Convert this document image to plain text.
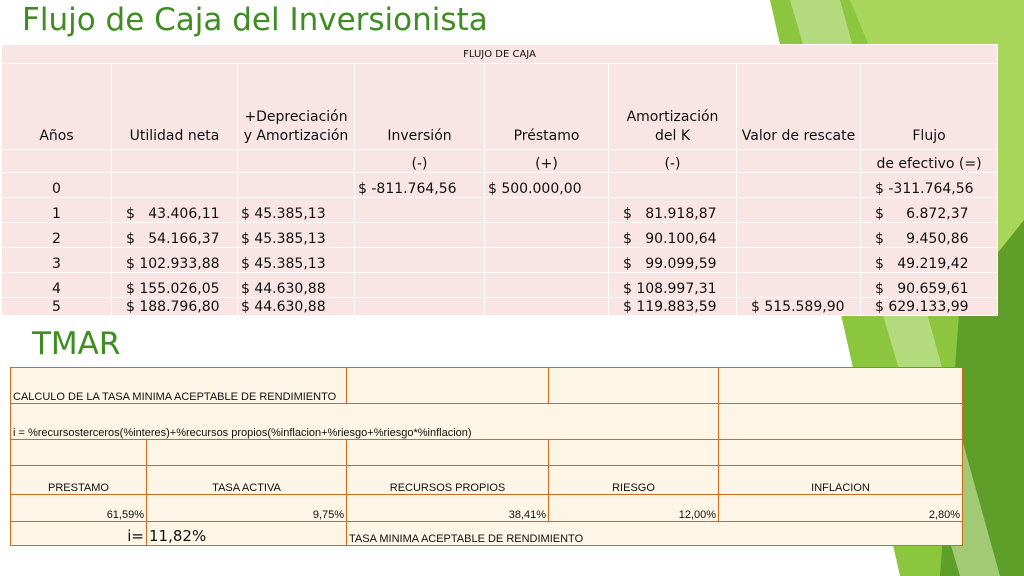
Flujo de Caja del Inversionista
FLUJO DE CAJA							
Años	Utilidad neta	+Depreciación y Amortización	Inversión	Préstamo	Amortización del K	Valor de rescate	Flujo
			(-)	(+)	(-)		de efectivo (=)
0			$ -811.764,56	$ 500.000,00			$ -311.764,56
1	$   43.406,11	$ 45.385,13			$   81.918,87		$     6.872,37
2	$   54.166,37	$ 45.385,13			$   90.100,64		$     9.450,86
3	$ 102.933,88	$ 45.385,13			$   99.099,59		$   49.219,42
4	$ 155.026,05	$ 44.630,88			$ 108.997,31		$   90.659,61
5	$ 188.796,80	$ 44.630,88			$ 119.883,59	$ 515.589,90	$ 629.133,99
TMAR
CALCULO DE LA TASA MINIMA ACEPTABLE DE RENDIMIENTO				
i = %recursosterceros(%interes)+%recursos propios(%inflacion+%riesgo+%riesgo*%inflacion)				

PRESTAMO	TASA ACTIVA	RECURSOS PROPIOS	RIESGO	INFLACION
61,59%	9,75%	38,41%	12,00%	2,80%
i=	11,82%	TASA MINIMA ACEPTABLE DE RENDIMIENTO		
